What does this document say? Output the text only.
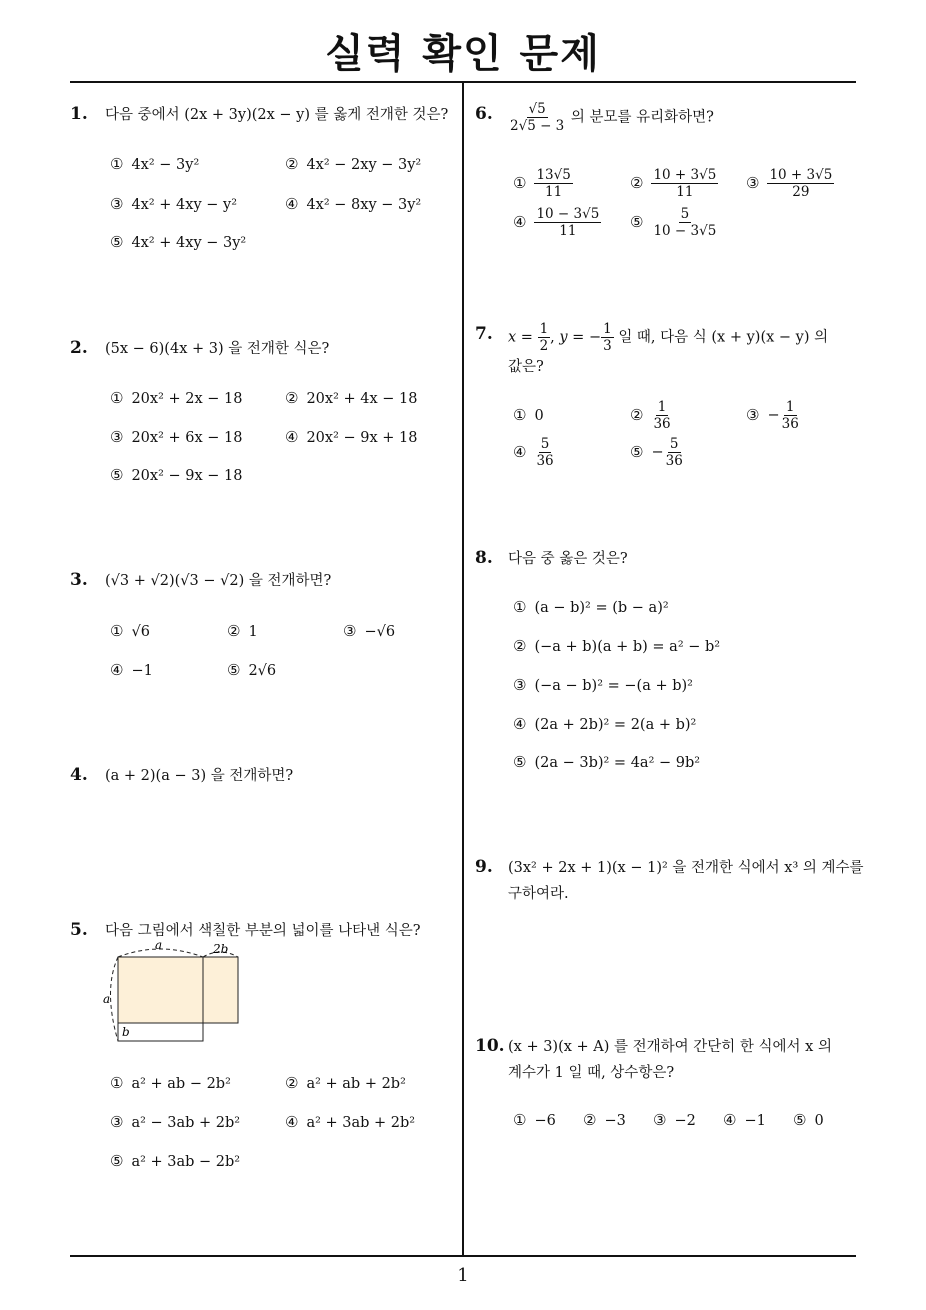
실력 확인 문제
1
1. 다음 중에서 (2x + 3y)(2x − y) 를 옳게 전개한 것은?
① 4x² − 3y²	② 4x² − 2xy − 3y²
③ 4x² + 4xy − y²	④ 4x² − 8xy − 3y²
⑤ 4x² + 4xy − 3y²
2. (5x − 6)(4x + 3) 을 전개한 식은?
① 20x² + 2x − 18	② 20x² + 4x − 18
③ 20x² + 6x − 18	④ 20x² − 9x + 18
⑤ 20x² − 9x − 18
3. (√3 + √2)(√3 − √2) 을 전개하면?
① √6	② 1	③ −√6
④ −1	⑤ 2√6
4. (a + 2)(a − 3) 을 전개하면?
5. 다음 그림에서 색칠한 부분의 넓이를 나타낸 식은?
a	2b
a
b
① a² + ab − 2b²	② a² + ab + 2b²
③ a² − 3ab + 2b²	④ a² + 3ab + 2b²
⑤ a² + 3ab − 2b²
6. $\frac{√5}{2√5 - 3}$ 의 분모를 유리화하면?
① $\frac{13√5}{11}$	② $\frac{10 + 3√5}{11}$ ③ $\frac{10 + 3√5}{29}$
④ $\frac{10 - 3√5}{11}$ ⑤ $\frac{5}{10 - 3√5}$
7. $x = \frac{1}{2}$ , y = − $\frac{1}{3}$ 일 때, 다음 식 (x + y)(x − y) 의
값은?
① 0	② $\frac{1}{36}$	③ − $\frac{1}{36}$
④ $\frac{5}{36}$	⑤ − $\frac{5}{36}$
8. 다음 중 옳은 것은?
① (a − b)² = (b − a)²
② (−a + b)(a + b) = a² − b²
③ (−a − b)² = −(a + b)²
④ (2a + 2b)² = 2(a + b)²
⑤ (2a − 3b)² = 4a² − 9b²
9. (3x² + 2x + 1)(x − 1)² 을 전개한 식에서 x³ 의 계수를
구하여라.
10. (x + 3)(x + A) 를 전개하여 간단히 한 식에서 x 의
계수가 1 일 때, 상수항은?
① −6 ② −3 ③ −2 ④ −1 ⑤ 0
